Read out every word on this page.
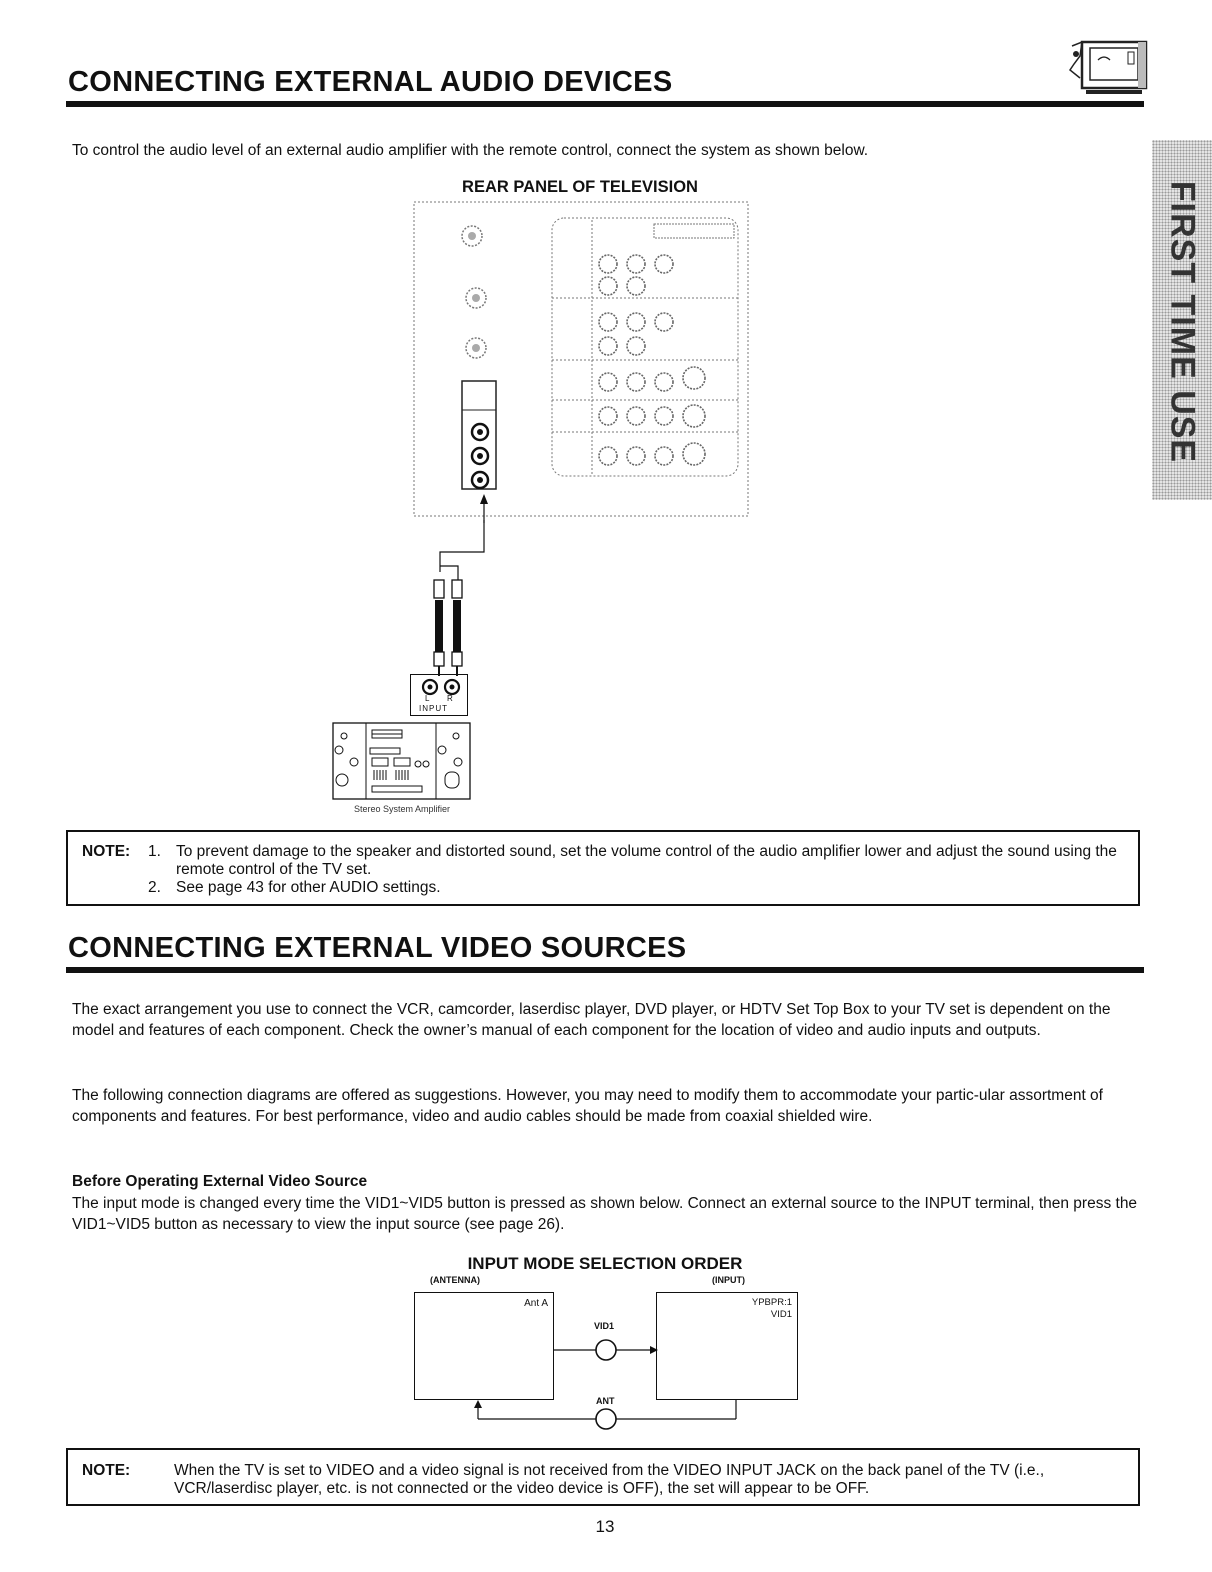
CONNECTING EXTERNAL AUDIO DEVICES
FIRST TIME USE
To control the audio level of an external audio amplifier with the remote control, connect the system as shown below.
REAR PANEL OF TELEVISION
L R
INPUT
Stereo System Amplifier
NOTE: 1. To prevent damage to the speaker and distorted sound, set the volume control of the audio amplifier lower and adjust the sound using the remote control of the TV set.
2. See page 43 for other AUDIO settings.
CONNECTING EXTERNAL VIDEO SOURCES
The exact arrangement you use to connect the VCR, camcorder, laserdisc player, DVD player, or HDTV Set Top Box to your TV set is dependent on the model and features of each component. Check the owner’s manual of each component for the location of video and audio inputs and outputs.
The following connection diagrams are offered as suggestions. However, you may need to modify them to accommodate your partic-ular assortment of components and features. For best performance, video and audio cables should be made from coaxial shielded wire.
Before Operating External Video Source
The input mode is changed every time the VID1~VID5 button is pressed as shown below. Connect an external source to the INPUT terminal, then press the VID1~VID5 button as necessary to view the input source (see page 26).
INPUT MODE SELECTION ORDER
(ANTENNA)	(INPUT)
Ant A	YPBPR:1
VID1
VID1
ANT
NOTE:	When the TV is set to VIDEO and a video signal is not received from the VIDEO INPUT JACK on the back panel of the TV (i.e., VCR/laserdisc player, etc. is not connected or the video device is OFF), the set will appear to be OFF.
13
